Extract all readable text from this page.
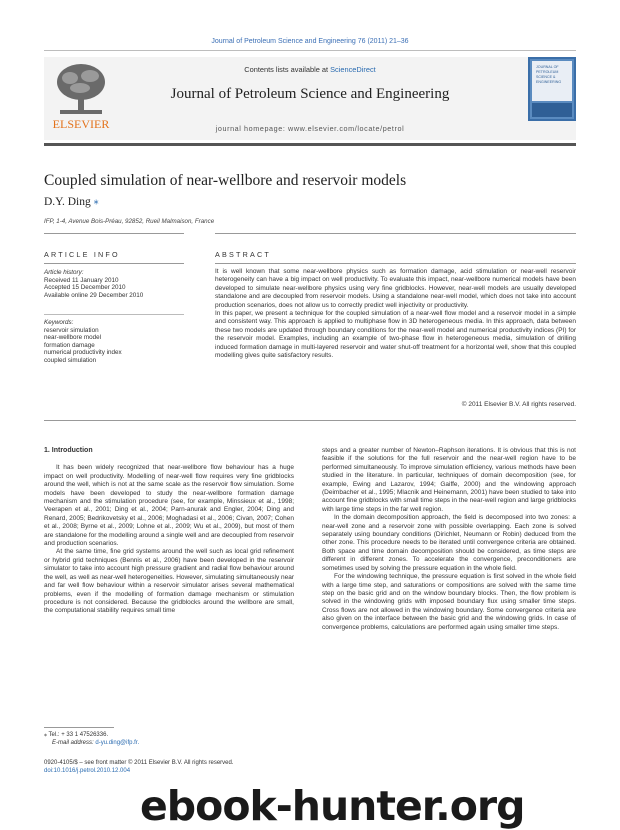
Journal of Petroleum Science and Engineering 76 (2011) 21–36
ELSEVIER
JOURNAL OF
PETROLEUM
SCIENCE &
ENGINEERING
Contents lists available at ScienceDirect
Journal of Petroleum Science and Engineering
journal homepage: www.elsevier.com/locate/petrol
Coupled simulation of near-wellbore and reservoir models
D.Y. Ding ⁎
IFP, 1-4, Avenue Bois-Préau, 92852, Rueil Malmaison, France
ARTICLE INFO	ABSTRACT
Article history:
Received 11 January 2010
Accepted 15 December 2010
Available online 29 December 2010
Keywords:
reservoir simulation
near-wellbore model
formation damage
numerical productivity index
coupled simulation

It is well known that some near-wellbore physics such as formation damage, acid stimulation or near-well reservoir heterogeneity can have a big impact on well productivity. To evaluate this impact, near-wellbore numerical models have been developed to simulate near-wellbore physics using very fine gridblocks. However, near-well models are usually developed standalone and are decoupled from reservoir models. Using a standalone near-well model, which does not take into account production scenarios, does not allow us to correctly predict well injectivity or productivity.

In this paper, we present a technique for the coupled simulation of a near-well flow model and a reservoir model in a simple and consistent way. This approach is applied to multiphase flow in 3D heterogeneous media. In this approach, data between these two models are updated through boundary conditions for the near-well model and numerical productivity indices (PI) for the reservoir model. Examples, including an example of two-phase flow in heterogeneous media, simulation of drilling induced formation damage in multi-layered reservoir and water shut-off treatment for a horizontal well, show that this coupled modelling gives quite satisfactory results.

© 2011 Elsevier B.V. All rights reserved.
1. Introduction

It has been widely recognized that near-wellbore flow behaviour has a huge impact on well productivity. Modelling of near-well flow requires very fine gridblocks around the well, which is not at the same scale as the reservoir flow simulation. Some models have been developed to study the near-wellbore formation damage mechanism and the stimulation procedure (see, for example, Minssieux et al., 1998; Veerapen et al., 2001; Ding et al., 2004; Parn-anurak and Engler, 2004; Ding and Renard, 2005; Bedrikovetsky et al., 2006; Moghadasi et al., 2006; Civan, 2007; Cohen et al., 2008; Byrne et al., 2009; Lohne et al., 2009; Wu et al., 2009), but most of them are standalone for the modelling around a single well and are decoupled from reservoir and production scenarios.

At the same time, fine grid systems around the well such as local grid refinement or hybrid grid techniques (Bennis et al., 2006) have been developed in the reservoir simulator to take into account high pressure gradient and radial flow behaviour around the well, as well as near-well heterogeneities. However, simulating simultaneously near and far well flow behaviour within a reservoir simulator arises several mathematical problems, even if the modelling of formation damage mechanism or stimulation procedure is not considered. Because the gridblocks around the wellbore are small, the computational stability requires small time

steps and a greater number of Newton–Raphson iterations. It is obvious that this is not feasible if the solutions for the full reservoir and the near-well region have to be performed simultaneously. To improve simulation efficiency, various methods have been studied in the literature. In particular, techniques of domain decomposition (see, for example, Ewing and Lazarov, 1994; Gaiffe, 2000) and the windowing approach (Deimbacher et al., 1995; Mlacnik and Heinemann, 2001) have been studied to take into account fine gridblocks with small time steps in the near-well region and large gridblocks with large time steps in the far well region.

In the domain decomposition approach, the field is decomposed into two zones: a near-well zone and a reservoir zone with possible overlapping. Each zone is solved separately using boundary conditions (Dirichlet, Neumann or Robin) deduced from the other zone. This procedure needs to be iterated until convergence criteria are obtained. Both space and time domain decomposition should be considered, as time steps are different in different zones. To accelerate the convergence, preconditioners are sometimes used by solving the pressure equation in the whole field.

For the windowing technique, the pressure equation is first solved in the whole field with a large time step, and saturations or compositions are solved with the same time step on the basic grid and on the window boundary blocks. Then, the flow problem is solved in the windowing grids with imposed boundary flux using smaller time steps. Cross flows are not allowed in the windowing boundary. Some convergence criteria are also given on the interface between the basic grid and the windowing grids. In case of convergence problems, calculations are performed again using smaller time steps.

⁎ Tel.: + 33 1 47526336.
E-mail address: d-yu.ding@ifp.fr.
0920-4105/$ – see front matter © 2011 Elsevier B.V. All rights reserved.
doi:10.1016/j.petrol.2010.12.004
ebook-hunter.org
